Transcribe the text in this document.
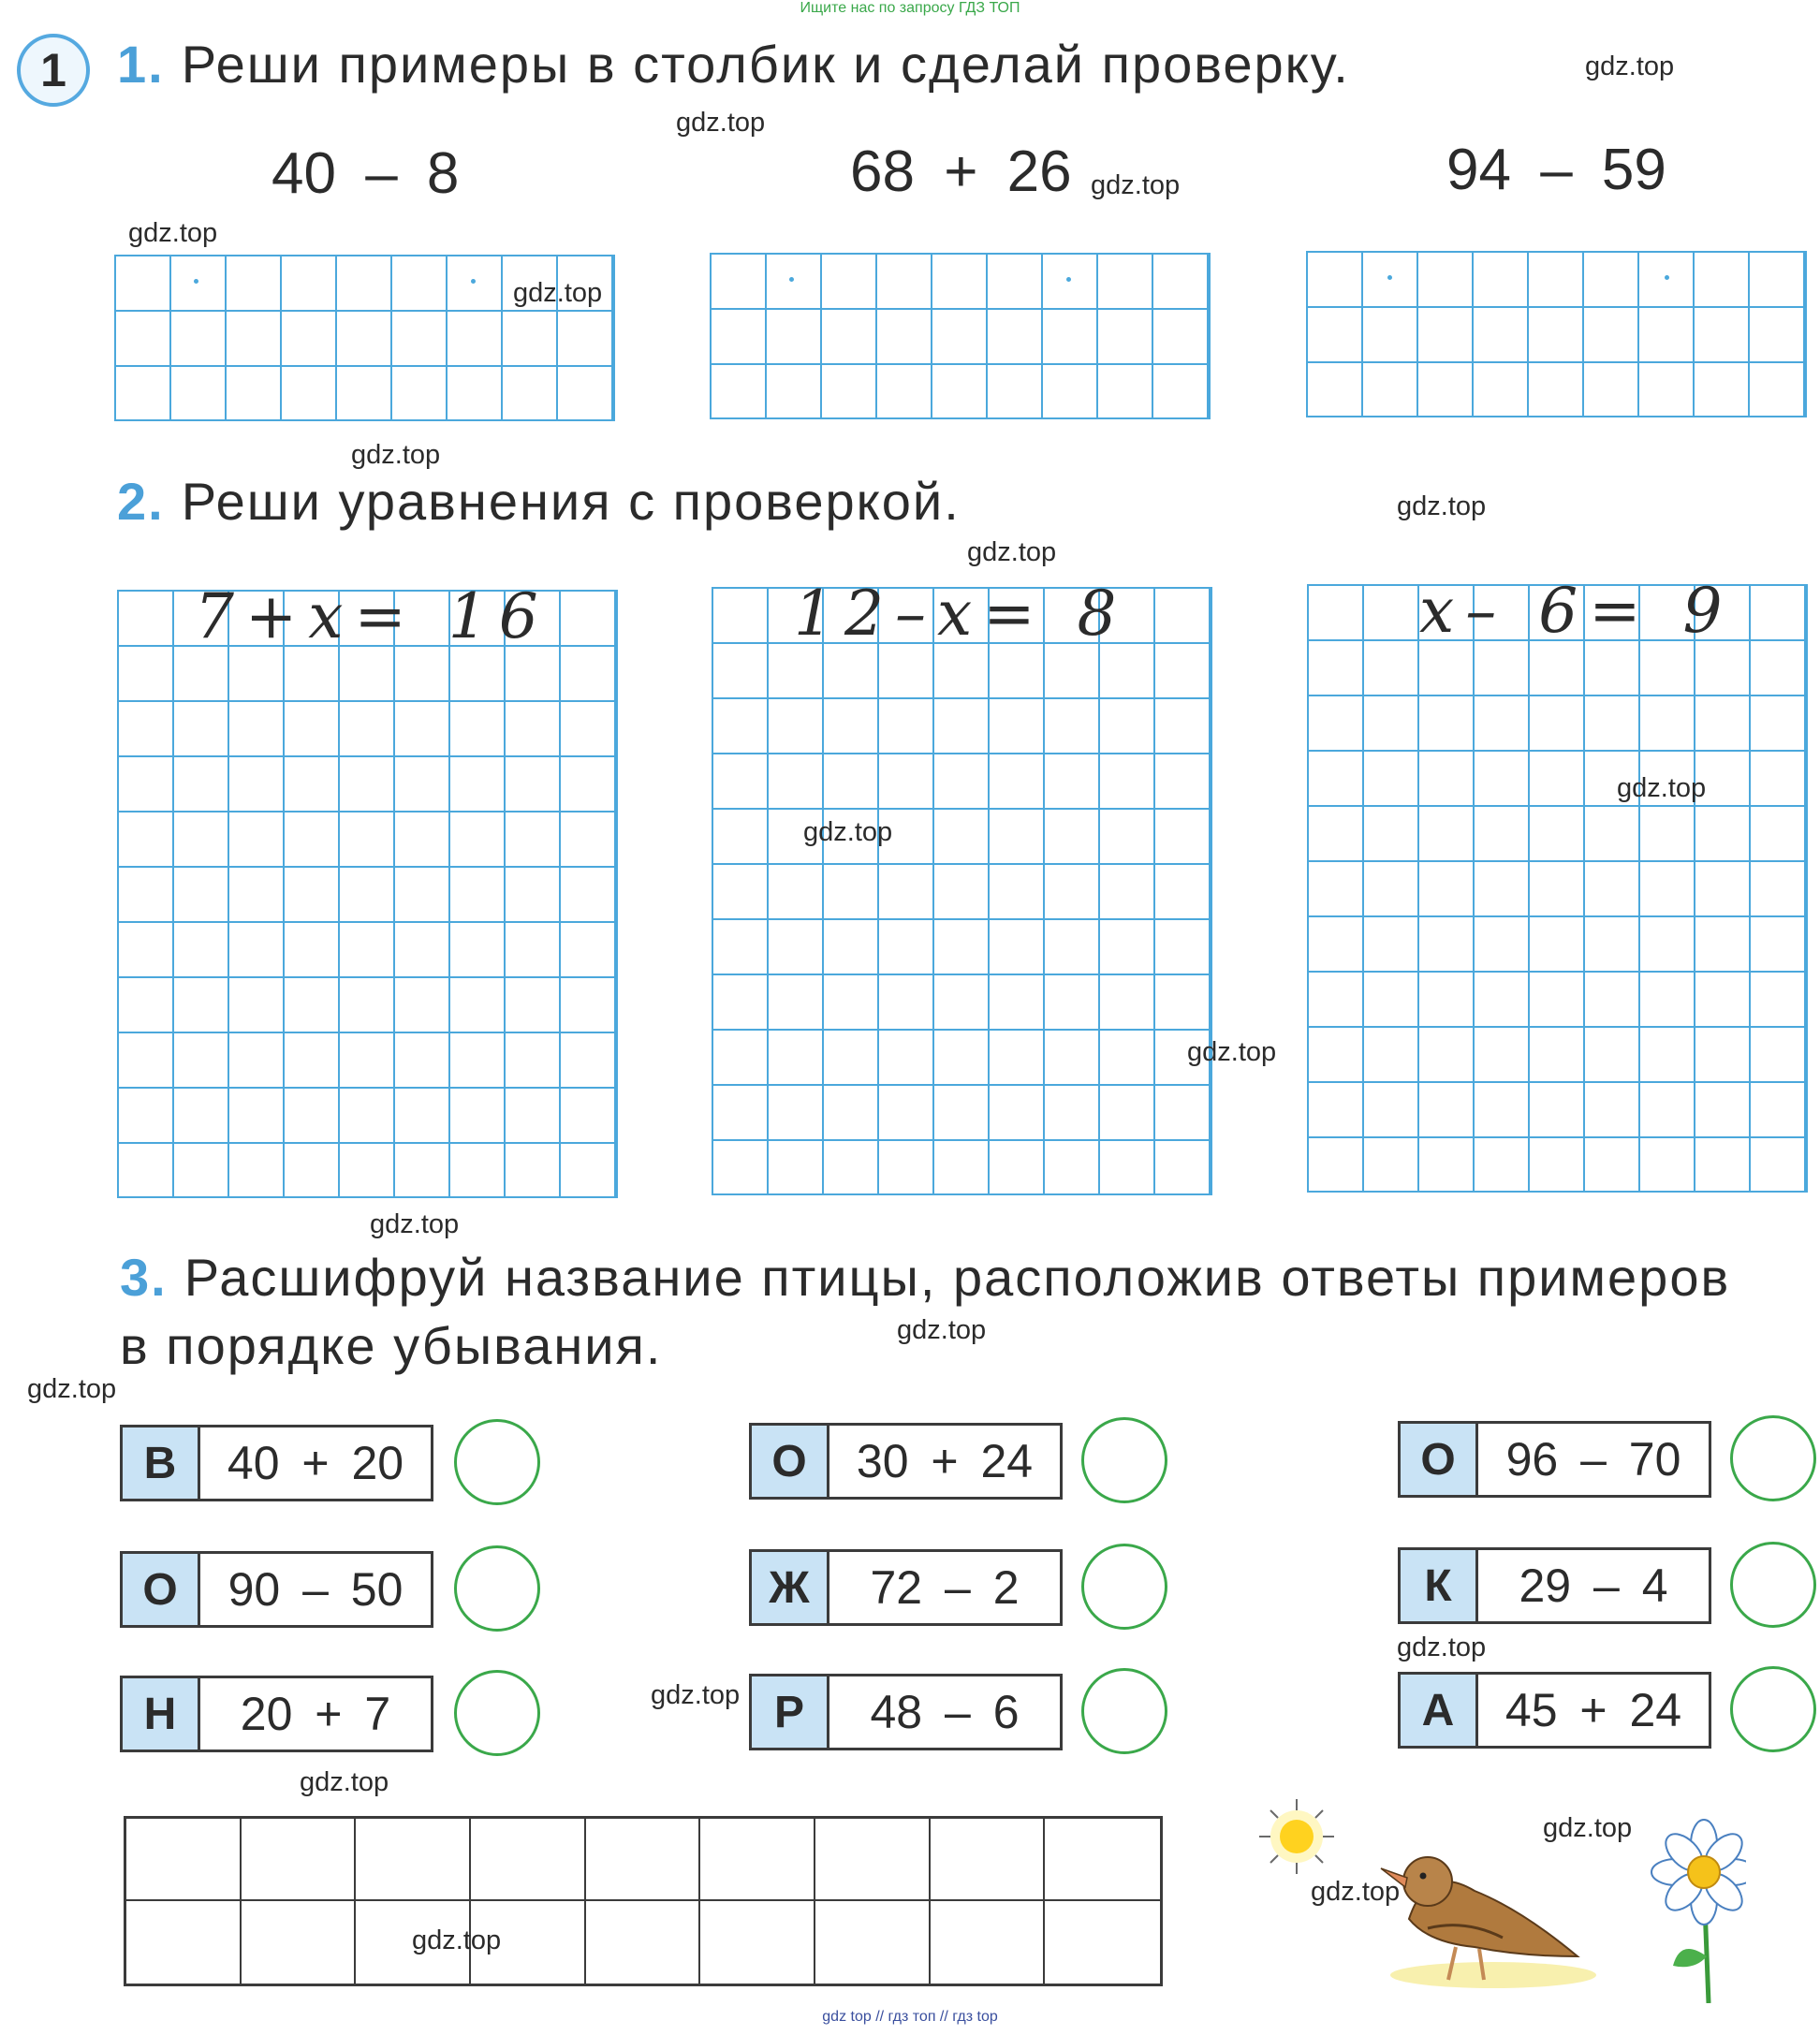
Ищите нас по запросу ГДЗ ТОП
1 1. Реши примеры в столбик и сделай проверку.
40 – 8	68 + 26	94 – 59
2. Реши уравнения с проверкой.
7+x= 16	12–x= 8	x– 6= 9
3. Расшифруй название птицы, расположив ответы примеров
в порядке убывания.
В	40 + 20
О	90 – 50
Н	20 + 7
О	30 + 24
Ж	72 – 2
Р	48 – 6
О	96 – 70
К	29 – 4
А	45 + 24
gdz.top
gdz.top
gdz.top
gdz.top
gdz.top
gdz.top
gdz.top
gdz.top
gdz.top
gdz.top
gdz.top
gdz.top
gdz.top
gdz.top
gdz.top
gdz.top
gdz.top
gdz.top
gdz.top
gdz.top
gdz top // гдз топ // гдз top
